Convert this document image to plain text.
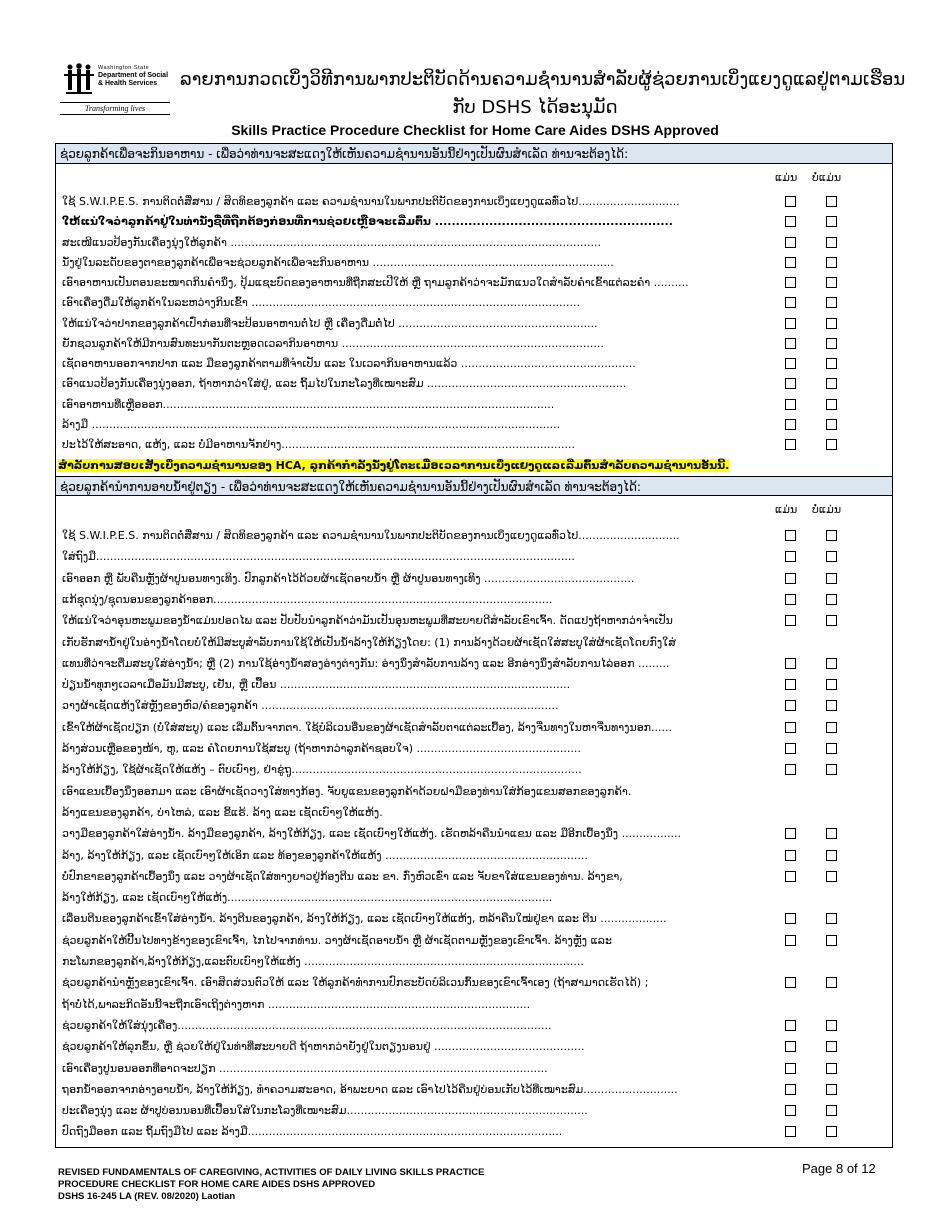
Washington State
Department of Social
& Health Services
Transforming lives
ລາຍການກວດເບິ່ງວິທີການພາກປະຕິບັດດ້ານຄວາມຊຳນານສຳລັບຜູ້ຊ່ວຍການເບິ່ງແຍງດູແລຢູ່ຕາມເຮືອນ
ກັບ DSHS ໄດ້ອະນຸມັດ
Skills Practice Procedure Checklist for Home Care Aides DSHS Approved
ຊ່ວຍລູກຄ້າເພື່ອຈະກິນອາຫານ - ເພື່ອວ່າທ່ານຈະສະແດງໃຫ້ເຫັນຄວາມຊຳນານອັນນີ້ຢ່າງເປັນຜົນສຳເລັດ ທ່ານຈະຕ້ອງໄດ້:
ແມ່ນ ບໍ່ແມ່ນ
ໃຊ້ S.W.I.P.E.S. ການຕິດຕໍ່ສື່ສານ / ສິດທິຂອງລູກຄ້າ ແລະ ຄວາມຊຳນານໃນພາກປະຕິບັດຂອງການເບິ່ງແຍງດູແລທົ່ວໄປ.............................
ໃຫ້ແນ່ໃຈວ່າລູກຄ້າຢູ່ໃນທ່ານັ່ງຊື່ທີ່ຖືກຕ້ອງກ່ອນທີ່ການຊ່ວຍເຫຼືອຈະເລີ່ມຕົ້ນ .........................................................
ສະເໜີແນວປ້ອງກັນເຄື່ອງນຸ່ງໃຫ້ລູກຄ້າ ..........................................................................................................
ນັ່ງຢູ່ໃນລະດັບຂອງຕາຂອງລູກຄ້າເພື່ອຈະຊ່ວຍລູກຄ້າເພື່ອຈະກິນອາຫານ .....................................................................
ເອົາອາຫານເປັນຕອນຂະໜາດກິນຄຳນຶ່ງ, ປຸ້ມແຊະບົດຂອງອາຫານທີ່ຖືກສະເປີໃຫ້ ຫຼື ຖາມລູກຄ້າວ່າຈະມັກແນວໃດສຳລັບຄຳເຂົ້າແຕ່ລະຄຳ ..........
ເອົາເຄື່ອງດື່ມໃຫ້ລູກຄ້າໃນລະຫວ່າງກິນເຂົ້າ ..............................................................................................
ໃຫ້ແນ່ໃຈວ່າປາກຂອງລູກຄ້າເປົ່າກ່ອນທີ່ຈະປ້ອນອາຫານຕໍ່ໄປ ຫຼື ເຄື່ອງດື່ມຕໍ່ໄປ .........................................................
ຍັກຊວນລູກຄ້າໃຫ້ມີການສົນທະນາກັນຕະຫຼອດເວລາກິນອາຫານ ...........................................................................
ເຊັດອາຫານອອກຈາກປາກ ແລະ ມືຂອງລູກຄ້າຕາມທີ່ຈຳເປັນ ແລະ ໃນເວລາກິນອາຫານແລ້ວ ..................................................
ເອົາແນວປ້ອງກັນເຄື່ອງນຸ່ງອອກ, ຖ້າຫາກວ່າໃສ່ຢູ່, ແລະ ຖິ້ມໄປໃນກະໂລງທີ່ເໝາະສົມ .........................................................
ເອົາອາຫານທີ່ເຫຼືອອອກ................................................................................................................
ລ້າງມື ......................................................................................................................................
ປະໄວ້ໃຫ້ສະອາດ, ແຫ້ງ, ແລະ ບໍ່ມີອາຫານຈັກຢ່າງ....................................................................................
ສຳລັບການສອບເສັງເບິ່ງຄວາມຊຳນານຂອງ HCA, ລູກຄ້າກຳລັງນັ່ງຢູ່ໂຕະເມື່ອເວລາການເບິ່ງແຍງດູແລເລີ່ມຕົ້ນສຳລັບຄວາມຊຳນານອັນນີ້.
ຊ່ວຍລູກຄ້ານຳການອາບນ້ຳຢູ່ຕຽງ - ເພື່ອວ່າທ່ານຈະສະແດງໃຫ້ເຫັນຄວາມຊຳນານອັນນີ້ຢ່າງເປັນຜົນສຳເລັດ ທ່ານຈະຕ້ອງໄດ້:
ແມ່ນ ບໍ່ແມ່ນ
ໃຊ້ S.W.I.P.E.S. ການຕິດຕໍ່ສື່ສານ / ສິດທິຂອງລູກຄ້າ ແລະ ຄວາມຊຳນານໃນພາກປະຕິບັດຂອງການເບິ່ງແຍງດູແລທົ່ວໄປ.............................
ໃສ່ຖົງມື.........................................................................................................................................
ເອົາອອກ ຫຼື ພັບຄືນຫຼັງຜ້າປູນອນທາງເທິງ. ປົກລູກຄ້າໄວ້ດ້ວຍຜ້າເຊັດອາບນ້ຳ ຫຼື ຜ້າປູນອນທາງເທິງ ...........................................
ແກ້ຊຸດນຸ່ງ/ຊຸດນອນຂອງລູກຄ້າອອກ.................................................................................................
ໃຫ້ແນ່ໃຈວ່າອຸນຫະພູມຂອງນ້ຳແມ່ນປອດໄພ ແລະ ປັບປັບນຳລູກຄ້າວ່າມັນເປັນອຸນຫະພູມທີ່ສະບາຍດີສຳລັບເຂົາເຈົ້າ. ດັດແປງຖ້າຫາກວ່າຈຳເປັນ
ເກັບຮັກສານ້ຳຢູ່ໃນອ່າງນ້ຳໂດຍບໍ່ໃຫ້ມີສະບູສຳລັບການໃຊ້ໃຫ້ເປັນນ້ຳລ້າງໃຫ້ກ້ຽງໂດຍ: (1) ການລ້າງດ້ວຍຜ້າເຊັດໃສ່ສະບູໃສ່ຜ້າເຊັດໂດຍກົງໃສ່
ແທນທີ່ວ່າຈະຕື່ມສະບູໃສ່ອ່າງນ້ຳ; ຫຼື (2) ການໃຊ້ອ່າງນ້ຳສອງອ່າງຕ່າງກັນ: ອ່າງນຶ່ງສຳລັບການລ້າງ ແລະ ອີກອ່າງນຶ່ງສຳລັບການໄລ່ອອກ .........
ປ່ຽນນ້ຳທຸກໆເວລາເມື່ອມັນມີສະບູ, ເຢັນ, ຫຼື ເປື້ອນ ...................................................................................
ວາງຜ້າເຊັດແຫ້ງໃສ່ຫຼັງຂອງຫົວ/ຄໍຂອງລູກຄ້າ .....................................................................................
ເຂົ້າໃຫ້ຜ້າເຊັດປຽກ (ບໍ່ໃສ່ສະບູ) ແລະ ເລີ່ມຕົ້ນຈາກຕາ. ໃຊ້ບໍລິເວນອື່ນຂອງຜ້າເຊັດສຳລັບຕາແຕ່ລະເບື້ອງ, ລ້າງຈີ່ນທາງໃນຫາຈີ່ນທາງນອກ......
ລ້າງສ່ວນເຫຼືອຂອງໜ້າ, ຫູ, ແລະ ຄໍໂດຍການໃຊ້ສະບູ (ຖ້າຫາກວ່າລູກຄ້າຊອບໃຈ) ...............................................
ລ້າງໃຫ້ກ້ຽງ, ໃຊ້ຜ້າເຊັດໃຫ້ແຫ້ງ – ຕົບເບົາໆ, ຢ່າຂູ່ຖູ...................................................................................
ເອົາແຂນເບື້ອງນຶ່ງອອກມາ ແລະ ເອົາຜ້າເຊັດວາງໃສ່ທາງກ້ອງ. ຈັບຍູແຂນຂອງລູກຄ້າດ້ວຍຝາມືຂອງທ່ານໃສ່ກ້ອງແຂນສອກຂອງລູກຄ້າ.
ລ້າງແຂນຂອງລູກຄ້າ, ບ່າໄຫລ່, ແລະ ຂີ້ແຮ້. ລ້າງ ແລະ ເຊັດເບົາໆໃຫ້ແຫ້ງ.
ວາງມືຂອງລູກຄ້າໃສ່ອ່າງນ້ຳ. ລ້າງມືຂອງລູກຄ້າ, ລ້າງໃຫ້ກ້ຽງ, ແລະ ເຊັດເບົາໆໃຫ້ແຫ້ງ. ເຮັດຫລ້າຄືນນຳແຂນ ແລະ ມືອີກເບື້ອງນຶ່ງ .................
ລ້າງ, ລ້າງໃຫ້ກ້ຽງ, ແລະ ເຊັດເບົາໆໃຫ້ເອິກ ແລະ ທ້ອງຂອງລູກຄ້າໃຫ້ແຫ້ງ ..........................................................
ບໍ່ປົກຂາຂອງລູກຄ້າເບື້ອງນຶ່ງ ແລະ ວາງຜ້າເຊັດໃສ່ທາງຍາວຢູ່ກ້ອງຕີນ ແລະ ຂາ. ກົ່ງຫົວເຂົ່າ ແລະ ຈັບຂາໃສ່ແຂນຂອງທ່ານ. ລ້າງຂາ,
ລ້າງໃຫ້ກ້ຽງ, ແລະ ເຊັດເບົາໆໃຫ້ແຫ້ງ.............................................................................................
ເລື່ອນຕີນຂອງລູກຄ້າເຂົ້າໃສ່ອ່າງນ້ຳ. ລ້າງຕີນຂອງລູກຄ້າ, ລ້າງໃຫ້ກ້ຽງ, ແລະ ເຊັດເບົາໆໃຫ້ແຫ້ງ, ຫລ້າຄືນໃໝ່ຢູ່ຂາ ແລະ ຕີນ ...................
ຊ່ວຍລູກຄ້າໃຫ້ປີ້ນໄປທາງຂ້າງຂອງເຂົາເຈົ້າ, ໄກໄປຈາກທ່ານ. ວາງຜ້າເຊັດອາບນ້ຳ ຫຼື ຜ້າເຊັດຕາມຫຼັງຂອງເຂົາເຈົ້າ. ລ້າງຫຼັງ ແລະ
ກະໂພກຂອງລູກຄ້າ,ລ້າງໃຫ້ກ້ຽງ,ແລະຕົບເບົາໆໃຫ້ແຫ້ງ ................................................................................
ຊ່ວຍລູກຄ້ານຳຫຼັງຂອງເຂົາເຈົ້າ. ເອົາສິດສ່ວນຕົວໃຫ້ ແລະ ໃຫ້ລູກຄ້າທຳການປົກຮະບັດບໍລິເວນກົ້ນຂອງເຂົາເຈົ້າເອງ (ຖ້າສາມາດເຮັດໄດ້) ;
ຖ້າບໍ່ໄດ້,ພາລະກິດອັນນີ້ຈະຖືກເອົາເຖິງຕ່າງຫາກ ...........................................................................
ຊ່ວຍລູກຄ້າໃຫ້ໃສ່ນຸ່ງເຄື່ອງ...........................................................................................................
ຊ່ວຍລູກຄ້າໃຫ້ລຸກຂຶ້ນ, ຫຼື ຊ່ວຍໃຫ້ຢູ່ໃນທ່າທີ່ສະບາຍດີ ຖ້າຫາກວ່າຍັງຢູ່ໃນຕຽງນອນຢູ່ ...........................................
ເອົາເຄື່ອງປູນອນອອກທີ່ອາດຈະປຽກ ..............................................................................................
ຖອກນ້ຳອອກຈາກອ່າງອາບນ້ຳ, ລ້າງໃຫ້ກ້ຽງ, ທຳຄວາມສະອາດ, ອ້າພະຍາດ ແລະ ເອົາໄປໄວ້ຄືນຢູ່ບ່ອນເກັບໄວ້ທີ່ເໝາະສົມ...........................
ປະເຄື່ອງນຸ່ງ ແລະ ຜ້າປູບ່ອນນອນທີ່ເປື້ອນໃສ່ໃນກະໂລງທີ່ເໝາະສົມ.....................................................................
ປົດຖົງມືອອກ ແລະ ຖິ້ມຖົງມືໄປ ແລະ ລ້າງມື..........................................................................................
REVISED FUNDAMENTALS OF CAREGIVING, ACTIVITIES OF DAILY LIVING SKILLS PRACTICE
PROCEDURE CHECKLIST FOR HOME CARE AIDES DSHS APPROVED
DSHS 16-245 LA (REV. 08/2020) Laotian
Page 8 of 12
